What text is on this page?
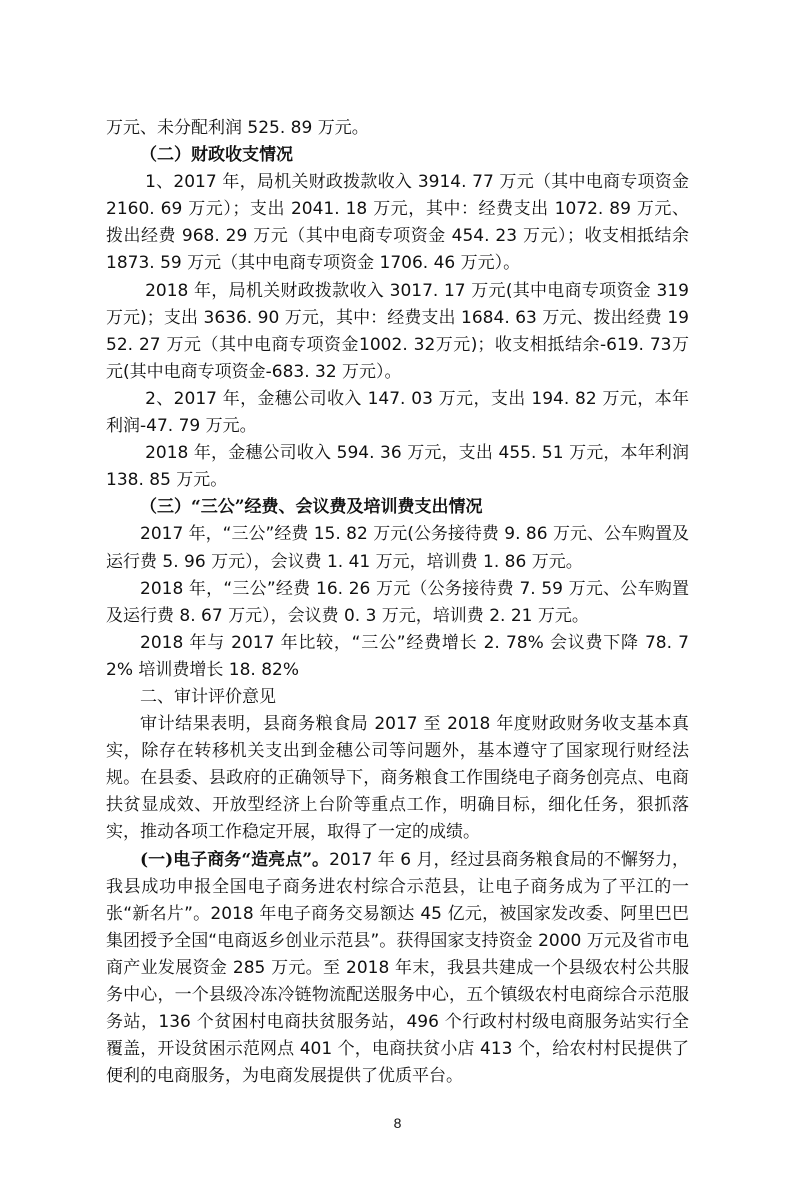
万元、未分配利润 525. 89 万元。

（二）财政收支情况

1、2017 年，局机关财政拨款收入 3914. 77 万元（其中电商专项资金 2160. 69 万元）；支出 2041. 18 万元，其中：经费支出 1072. 89 万元、拨出经费 968. 29 万元（其中电商专项资金 454. 23 万元）；收支相抵结余 1873. 59 万元（其中电商专项资金 1706. 46 万元）。

2018 年，局机关财政拨款收入 3017. 17 万元(其中电商专项资金 319 万元)；支出 3636. 90 万元，其中：经费支出 1684. 63 万元、拨出经费 1952. 27 万元（其中电商专项资金1002. 32万元)；收支相抵结余-619. 73万元(其中电商专项资金-683. 32 万元）。

2、2017 年，金穗公司收入 147. 03 万元，支出 194. 82 万元，本年利润-47. 79 万元。

2018 年，金穗公司收入 594. 36 万元，支出 455. 51 万元，本年利润 138. 85 万元。

（三）“三公”经费、会议费及培训费支出情况

2017 年，“三公”经费 15. 82 万元(公务接待费 9. 86 万元、公车购置及运行费 5. 96 万元），会议费 1. 41 万元，培训费 1. 86 万元。

2018 年，“三公”经费 16. 26 万元（公务接待费 7. 59 万元、公车购置及运行费 8. 67 万元），会议费 0. 3 万元，培训费 2. 21 万元。

2018 年与 2017 年比较，“三公”经费增长 2. 78% 会议费下降 78. 72% 培训费增长 18. 82%

二、审计评价意见

审计结果表明，县商务粮食局 2017 至 2018 年度财政财务收支基本真实，除存在转移机关支出到金穗公司等问题外，基本遵守了国家现行财经法规。在县委、县政府的正确领导下，商务粮食工作围绕电子商务创亮点、电商扶贫显成效、开放型经济上台阶等重点工作，明确目标，细化任务，狠抓落实，推动各项工作稳定开展，取得了一定的成绩。

(一)电子商务“造亮点”。2017 年 6 月，经过县商务粮食局的不懈努力，我县成功申报全国电子商务进农村综合示范县，让电子商务成为了平江的一张“新名片”。2018 年电子商务交易额达 45 亿元，被国家发改委、阿里巴巴集团授予全国“电商返乡创业示范县”。获得国家支持资金 2000 万元及省市电商产业发展资金 285 万元。至 2018 年末，我县共建成一个县级农村公共服务中心，一个县级冷冻冷链物流配送服务中心，五个镇级农村电商综合示范服务站，136 个贫困村电商扶贫服务站，496 个行政村村级电商服务站实行全覆盖，开设贫困示范网点 401 个，电商扶贫小店 413 个，给农村村民提供了便利的电商服务，为电商发展提供了优质平台。

8
